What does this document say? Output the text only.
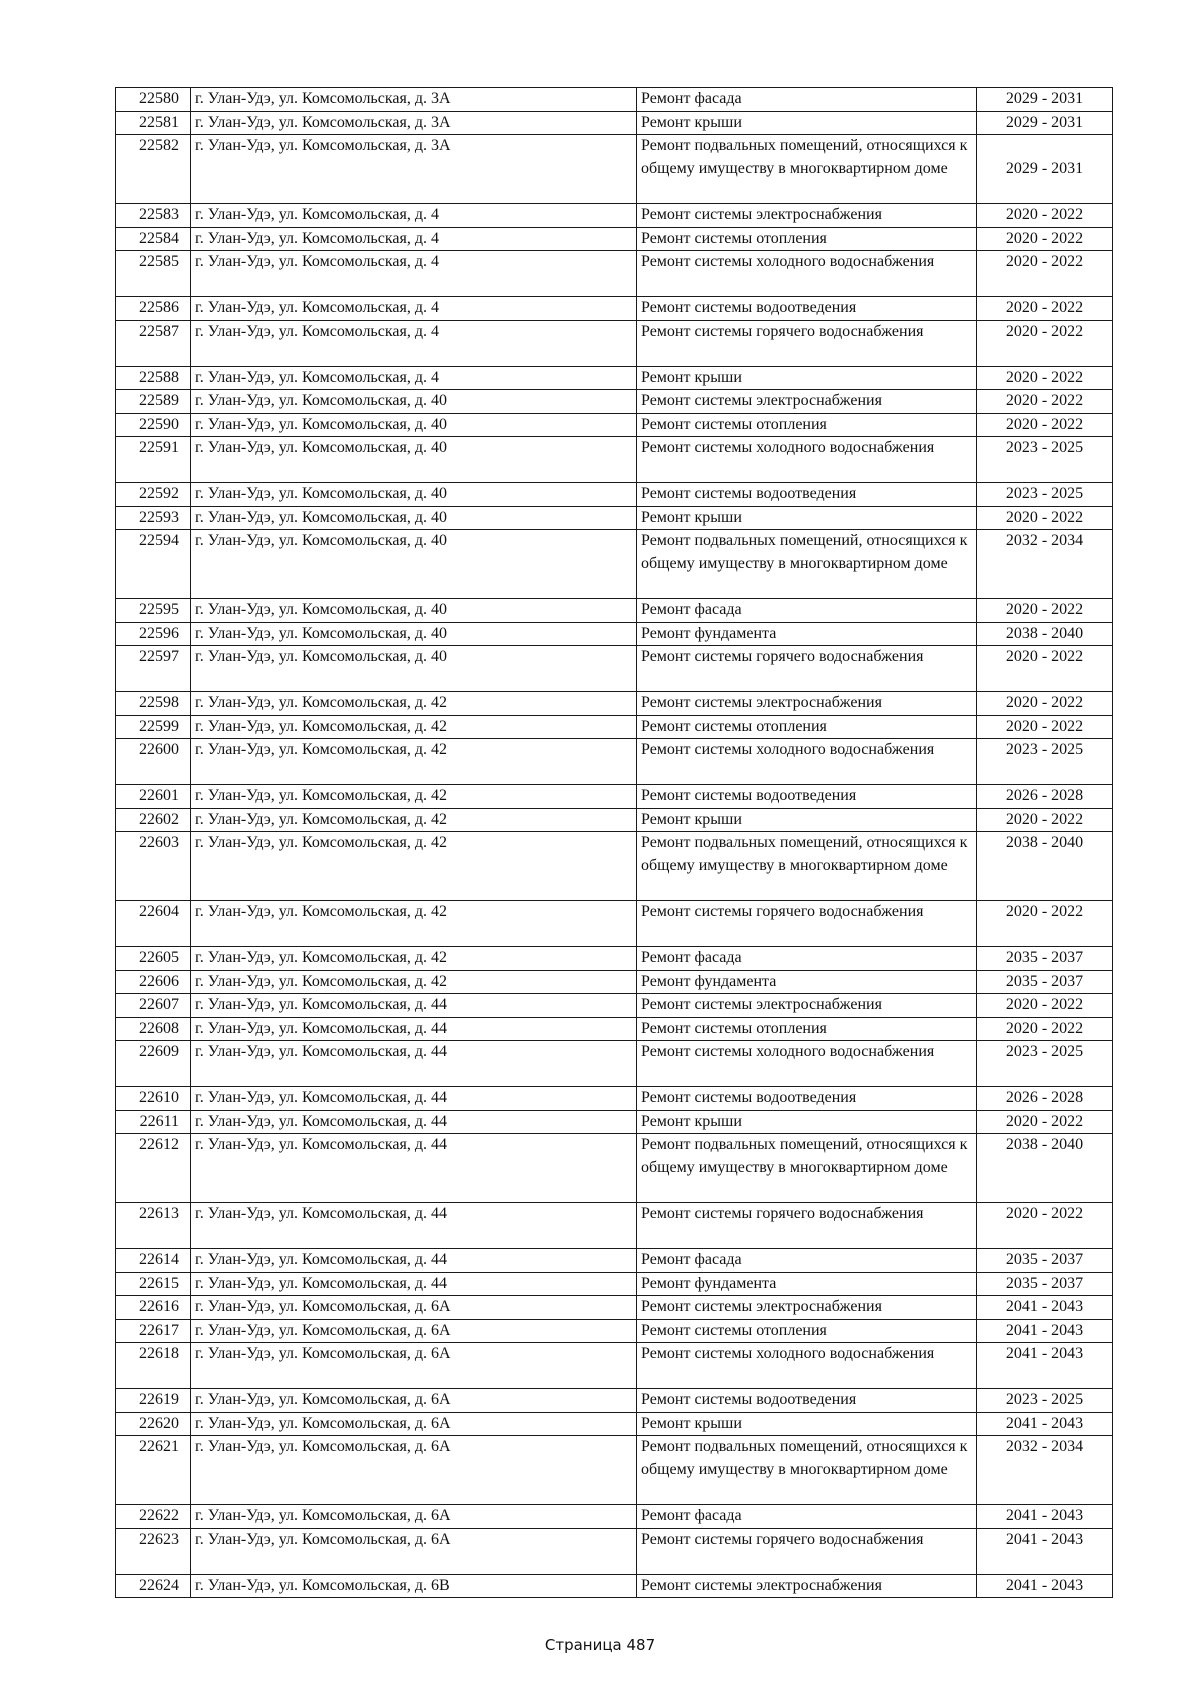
22580	г. Улан-Удэ, ул. Комсомольская, д. 3А	Ремонт фасада	2029 - 2031
22581	г. Улан-Удэ, ул. Комсомольская, д. 3А	Ремонт крыши	2029 - 2031
22582	г. Улан-Удэ, ул. Комсомольская, д. 3А	Ремонт подвальных помещений, относящихся к общему имуществу в многоквартирном доме	2029 - 2031
22583	г. Улан-Удэ, ул. Комсомольская, д. 4	Ремонт системы электроснабжения	2020 - 2022
22584	г. Улан-Удэ, ул. Комсомольская, д. 4	Ремонт системы отопления	2020 - 2022
22585	г. Улан-Удэ, ул. Комсомольская, д. 4	Ремонт системы холодного водоснабжения	2020 - 2022
22586	г. Улан-Удэ, ул. Комсомольская, д. 4	Ремонт системы водоотведения	2020 - 2022
22587	г. Улан-Удэ, ул. Комсомольская, д. 4	Ремонт системы горячего водоснабжения	2020 - 2022
22588	г. Улан-Удэ, ул. Комсомольская, д. 4	Ремонт крыши	2020 - 2022
22589	г. Улан-Удэ, ул. Комсомольская, д. 40	Ремонт системы электроснабжения	2020 - 2022
22590	г. Улан-Удэ, ул. Комсомольская, д. 40	Ремонт системы отопления	2020 - 2022
22591	г. Улан-Удэ, ул. Комсомольская, д. 40	Ремонт системы холодного водоснабжения	2023 - 2025
22592	г. Улан-Удэ, ул. Комсомольская, д. 40	Ремонт системы водоотведения	2023 - 2025
22593	г. Улан-Удэ, ул. Комсомольская, д. 40	Ремонт крыши	2020 - 2022
22594	г. Улан-Удэ, ул. Комсомольская, д. 40	Ремонт подвальных помещений, относящихся к общему имуществу в многоквартирном доме	2032 - 2034
22595	г. Улан-Удэ, ул. Комсомольская, д. 40	Ремонт фасада	2020 - 2022
22596	г. Улан-Удэ, ул. Комсомольская, д. 40	Ремонт фундамента	2038 - 2040
22597	г. Улан-Удэ, ул. Комсомольская, д. 40	Ремонт системы горячего водоснабжения	2020 - 2022
22598	г. Улан-Удэ, ул. Комсомольская, д. 42	Ремонт системы электроснабжения	2020 - 2022
22599	г. Улан-Удэ, ул. Комсомольская, д. 42	Ремонт системы отопления	2020 - 2022
22600	г. Улан-Удэ, ул. Комсомольская, д. 42	Ремонт системы холодного водоснабжения	2023 - 2025
22601	г. Улан-Удэ, ул. Комсомольская, д. 42	Ремонт системы водоотведения	2026 - 2028
22602	г. Улан-Удэ, ул. Комсомольская, д. 42	Ремонт крыши	2020 - 2022
22603	г. Улан-Удэ, ул. Комсомольская, д. 42	Ремонт подвальных помещений, относящихся к общему имуществу в многоквартирном доме	2038 - 2040
22604	г. Улан-Удэ, ул. Комсомольская, д. 42	Ремонт системы горячего водоснабжения	2020 - 2022
22605	г. Улан-Удэ, ул. Комсомольская, д. 42	Ремонт фасада	2035 - 2037
22606	г. Улан-Удэ, ул. Комсомольская, д. 42	Ремонт фундамента	2035 - 2037
22607	г. Улан-Удэ, ул. Комсомольская, д. 44	Ремонт системы электроснабжения	2020 - 2022
22608	г. Улан-Удэ, ул. Комсомольская, д. 44	Ремонт системы отопления	2020 - 2022
22609	г. Улан-Удэ, ул. Комсомольская, д. 44	Ремонт системы холодного водоснабжения	2023 - 2025
22610	г. Улан-Удэ, ул. Комсомольская, д. 44	Ремонт системы водоотведения	2026 - 2028
22611	г. Улан-Удэ, ул. Комсомольская, д. 44	Ремонт крыши	2020 - 2022
22612	г. Улан-Удэ, ул. Комсомольская, д. 44	Ремонт подвальных помещений, относящихся к общему имуществу в многоквартирном доме	2038 - 2040
22613	г. Улан-Удэ, ул. Комсомольская, д. 44	Ремонт системы горячего водоснабжения	2020 - 2022
22614	г. Улан-Удэ, ул. Комсомольская, д. 44	Ремонт фасада	2035 - 2037
22615	г. Улан-Удэ, ул. Комсомольская, д. 44	Ремонт фундамента	2035 - 2037
22616	г. Улан-Удэ, ул. Комсомольская, д. 6А	Ремонт системы электроснабжения	2041 - 2043
22617	г. Улан-Удэ, ул. Комсомольская, д. 6А	Ремонт системы отопления	2041 - 2043
22618	г. Улан-Удэ, ул. Комсомольская, д. 6А	Ремонт системы холодного водоснабжения	2041 - 2043
22619	г. Улан-Удэ, ул. Комсомольская, д. 6А	Ремонт системы водоотведения	2023 - 2025
22620	г. Улан-Удэ, ул. Комсомольская, д. 6А	Ремонт крыши	2041 - 2043
22621	г. Улан-Удэ, ул. Комсомольская, д. 6А	Ремонт подвальных помещений, относящихся к общему имуществу в многоквартирном доме	2032 - 2034
22622	г. Улан-Удэ, ул. Комсомольская, д. 6А	Ремонт фасада	2041 - 2043
22623	г. Улан-Удэ, ул. Комсомольская, д. 6А	Ремонт системы горячего водоснабжения	2041 - 2043
22624	г. Улан-Удэ, ул. Комсомольская, д. 6В	Ремонт системы электроснабжения	2041 - 2043
Страница 487
